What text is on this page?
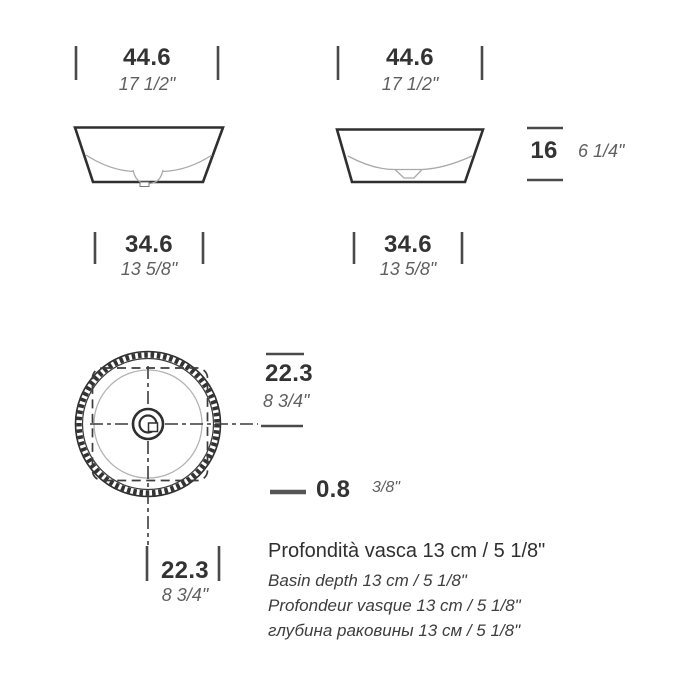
44.6
17 1/2"
44.6
17 1/2"
16	6 1/4"
34.6
13 5/8"
34.6
13 5/8"
22.3
8 3/4"
0.8 3/8"
22.3
8 3/4"

Profondità vasca 13 cm / 5 1/8"

Basin depth 13 cm / 5 1/8"

Profondeur vasque 13 cm / 5 1/8"

глубина раковины 13 см / 5 1/8"
